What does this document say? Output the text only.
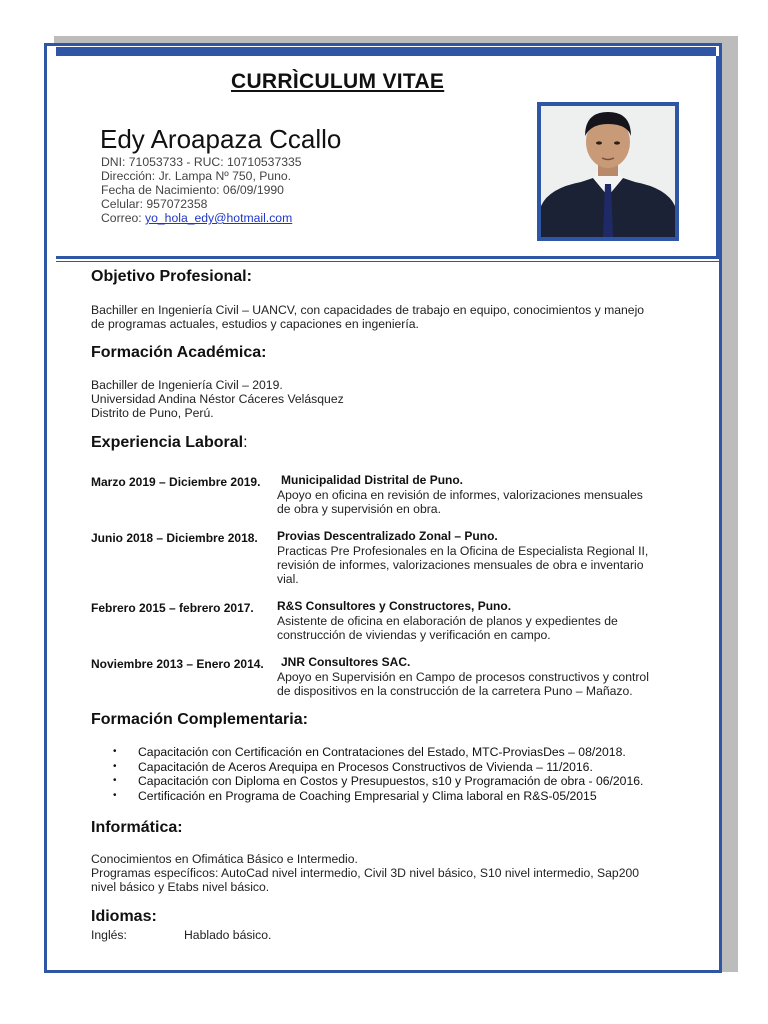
CURRÌCULUM VITAE
Edy Aroapaza Ccallo
DNI: 71053733 - RUC: 10710537335
Dirección: Jr. Lampa Nº 750, Puno.
Fecha de Nacimiento: 06/09/1990
Celular: 957072358
Correo: yo_hola_edy@hotmail.com
Objetivo Profesional:
Bachiller en Ingeniería Civil – UANCV, con capacidades de trabajo en equipo, conocimientos y manejo
de programas actuales, estudios y capaciones en ingeniería.
Formación Académica:
Bachiller de Ingeniería Civil – 2019.
Universidad Andina Néstor Cáceres Velásquez
Distrito de Puno, Perú.
Experiencia Laboral:
Marzo 2019 – Diciembre 2019. Municipalidad Distrital de Puno.
Apoyo en oficina en revisión de informes, valorizaciones mensuales
de obra y supervisión en obra.
Junio 2018 – Diciembre 2018. Provias Descentralizado Zonal – Puno.
Practicas Pre Profesionales en la Oficina de Especialista Regional II,
revisión de informes, valorizaciones mensuales de obra e inventario
vial.
Febrero 2015 – febrero 2017. R&S Consultores y Constructores, Puno.
Asistente de oficina en elaboración de planos y expedientes de
construcción de viviendas y verificación en campo.
Noviembre 2013 – Enero 2014. JNR Consultores SAC.
Apoyo en Supervisión en Campo de procesos constructivos y control
de dispositivos en la construcción de la carretera Puno – Mañazo.
Formación Complementaria:
• Capacitación con Certificación en Contrataciones del Estado, MTC-ProviasDes – 08/2018.
• Capacitación de Aceros Arequipa en Procesos Constructivos de Vivienda – 11/2016.
• Capacitación con Diploma en Costos y Presupuestos, s10 y Programación de obra - 06/2016.
• Certificación en Programa de Coaching Empresarial y Clima laboral en R&S-05/2015
Informática:
Conocimientos en Ofimática Básico e Intermedio.
Programas específicos: AutoCad nivel intermedio, Civil 3D nivel básico, S10 nivel intermedio, Sap200
nivel básico y Etabs nivel básico.
Idiomas:
Inglés:	Hablado básico.
